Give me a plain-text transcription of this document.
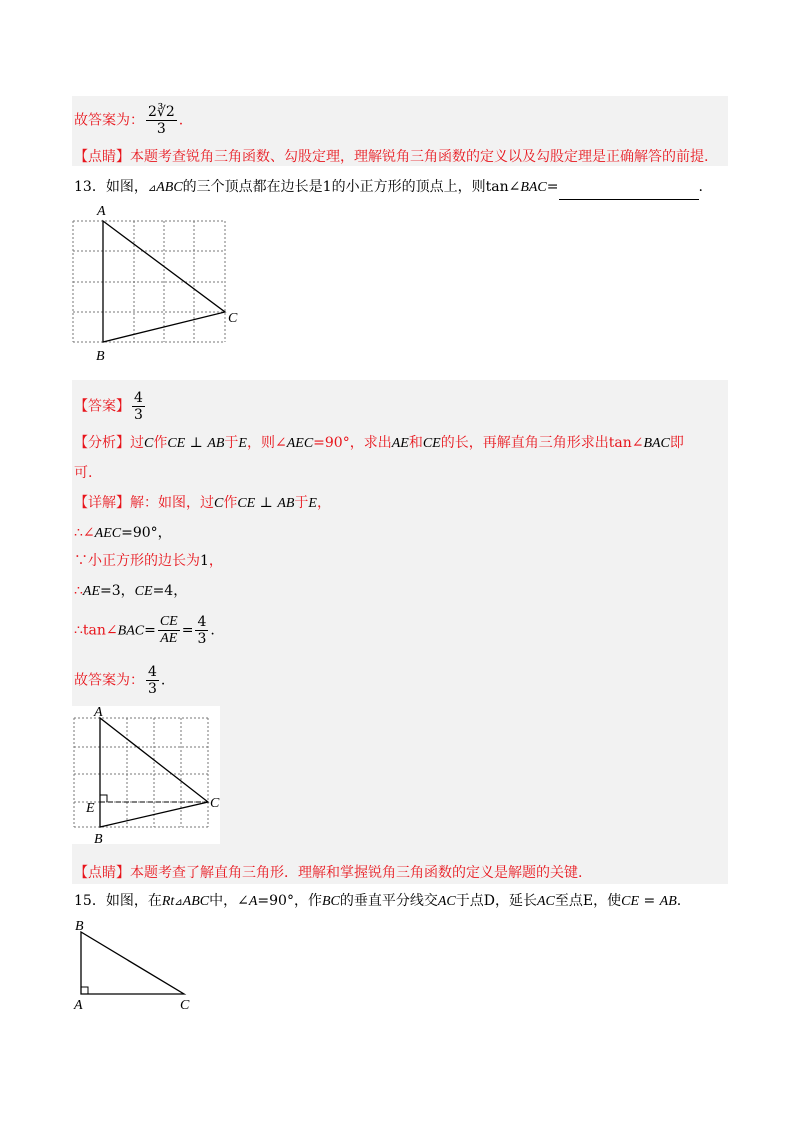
故答案为： $\frac{2∛2}{3}$ .
【点睛】本题考查锐角三角函数、勾股定理，理解锐角三角函数的定义以及勾股定理是正确解答的前提.
13．如图，⊿ABC的三个顶点都在边长是1的小正方形的顶点上，则tan∠BAC=	.
A
B
C
【答案】 $\frac{4}{3}$
【分析】过C作CE ⊥ AB于E，则∠AEC=90°，求出AE和CE的长，再解直角三角形求出tan∠BAC即
可.
【详解】解：如图，过C作CE ⊥ AB于E，
∴∠AEC=90°，
∵小正方形的边长为1，
∴AE=3，CE=4，
∴tan∠BAC= $\frac{CE}{AE} = \frac{4}{3}$ .
故答案为： $\frac{4}{3}$ .
A
B
C
E
【点睛】本题考查了解直角三角形．理解和掌握锐角三角函数的定义是解题的关键.
15．如图，在Rt⊿ABC中，∠A=90°，作BC的垂直平分线交AC于点D，延长AC至点E，使CE = AB.
B
A	C
